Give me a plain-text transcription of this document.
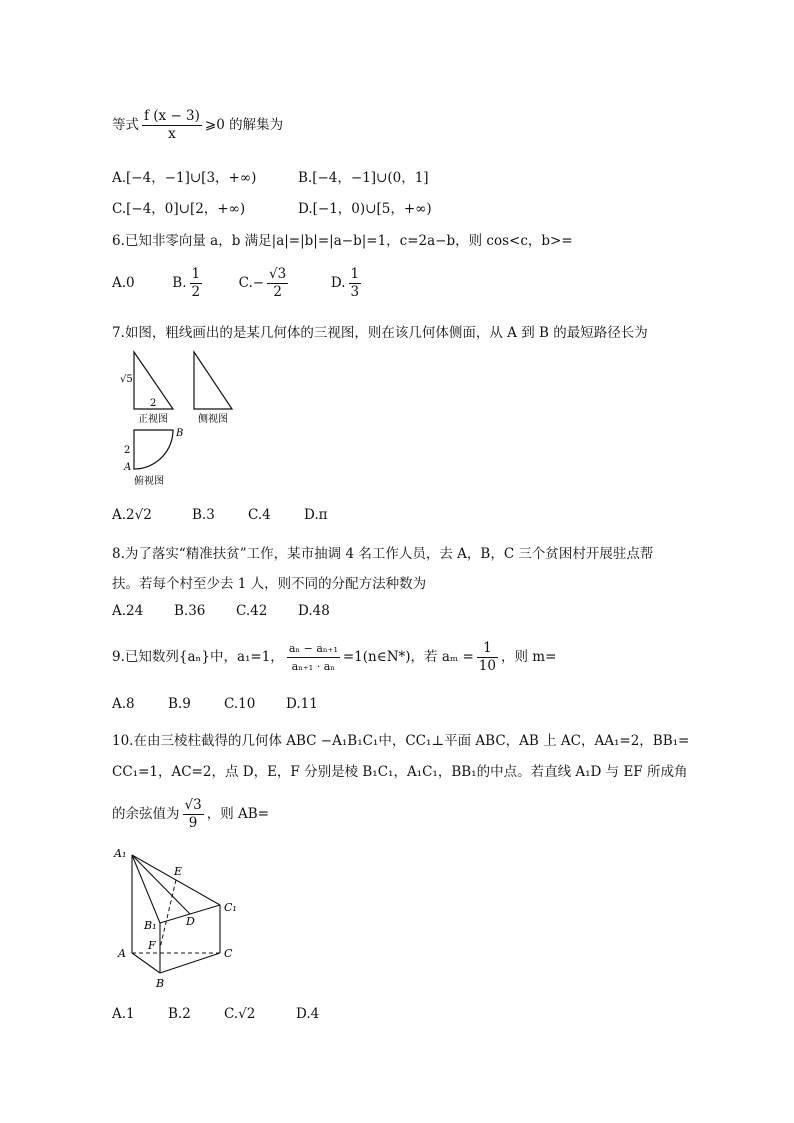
等式 $\frac{f (x - 3)}{x}$ ⩾0 的解集为
A.[−4，−1]∪[3，+∞)	B.[−4，−1]∪(0，1]
C.[−4，0]∪[2，+∞)	D.[−1，0)∪[5，+∞)
6.已知非零向量 a，b 满足|a|=|b|=|a−b|=1，c=2a−b，则 cos<c，b>=
A.0	B. $\frac{1}{2}$	$C.- \frac{√3}{2}$	D. $\frac{1}{3}$
7.如图，粗线画出的是某几何体的三视图，则在该几何体侧面，从 A 到 B 的最短路径长为
√5
2
正视图	侧视图
2
B
A
俯视图
A.2√2	B.3 C.4 D.π
8.为了落实“精准扶贫”工作，某市抽调 4 名工作人员，去 A，B，C 三个贫困村开展驻点帮
扶。若每个村至少去 1 人，则不同的分配方法种数为
A.24 B.36 C.42 D.48
9.已知数列{aₙ}中，a₁=1， $\frac{\text{aₙ − aₙ₊₁}}{\text{aₙ₊₁ · aₙ}}$ =1(n∈N*)，若 $a_m = \frac{1}{10}$ ，则 m=
A.8 B.9 C.10 D.11
10.在由三棱柱截得的几何体 ABC −A₁B₁C₁中，CC₁⊥平面 ABC，AB 上 AC，AA₁=2，BB₁=
CC₁=1，AC=2，点 D，E，F 分别是棱 B₁C₁，A₁C₁，BB₁的中点。若直线 A₁D 与 EF 所成角
的余弦值为 $\frac{√3}{9}$ ，则 AB=
A₁
E
C₁
B₁	D
F
A	C
B
A.1 B.2 C.√2	D.4
